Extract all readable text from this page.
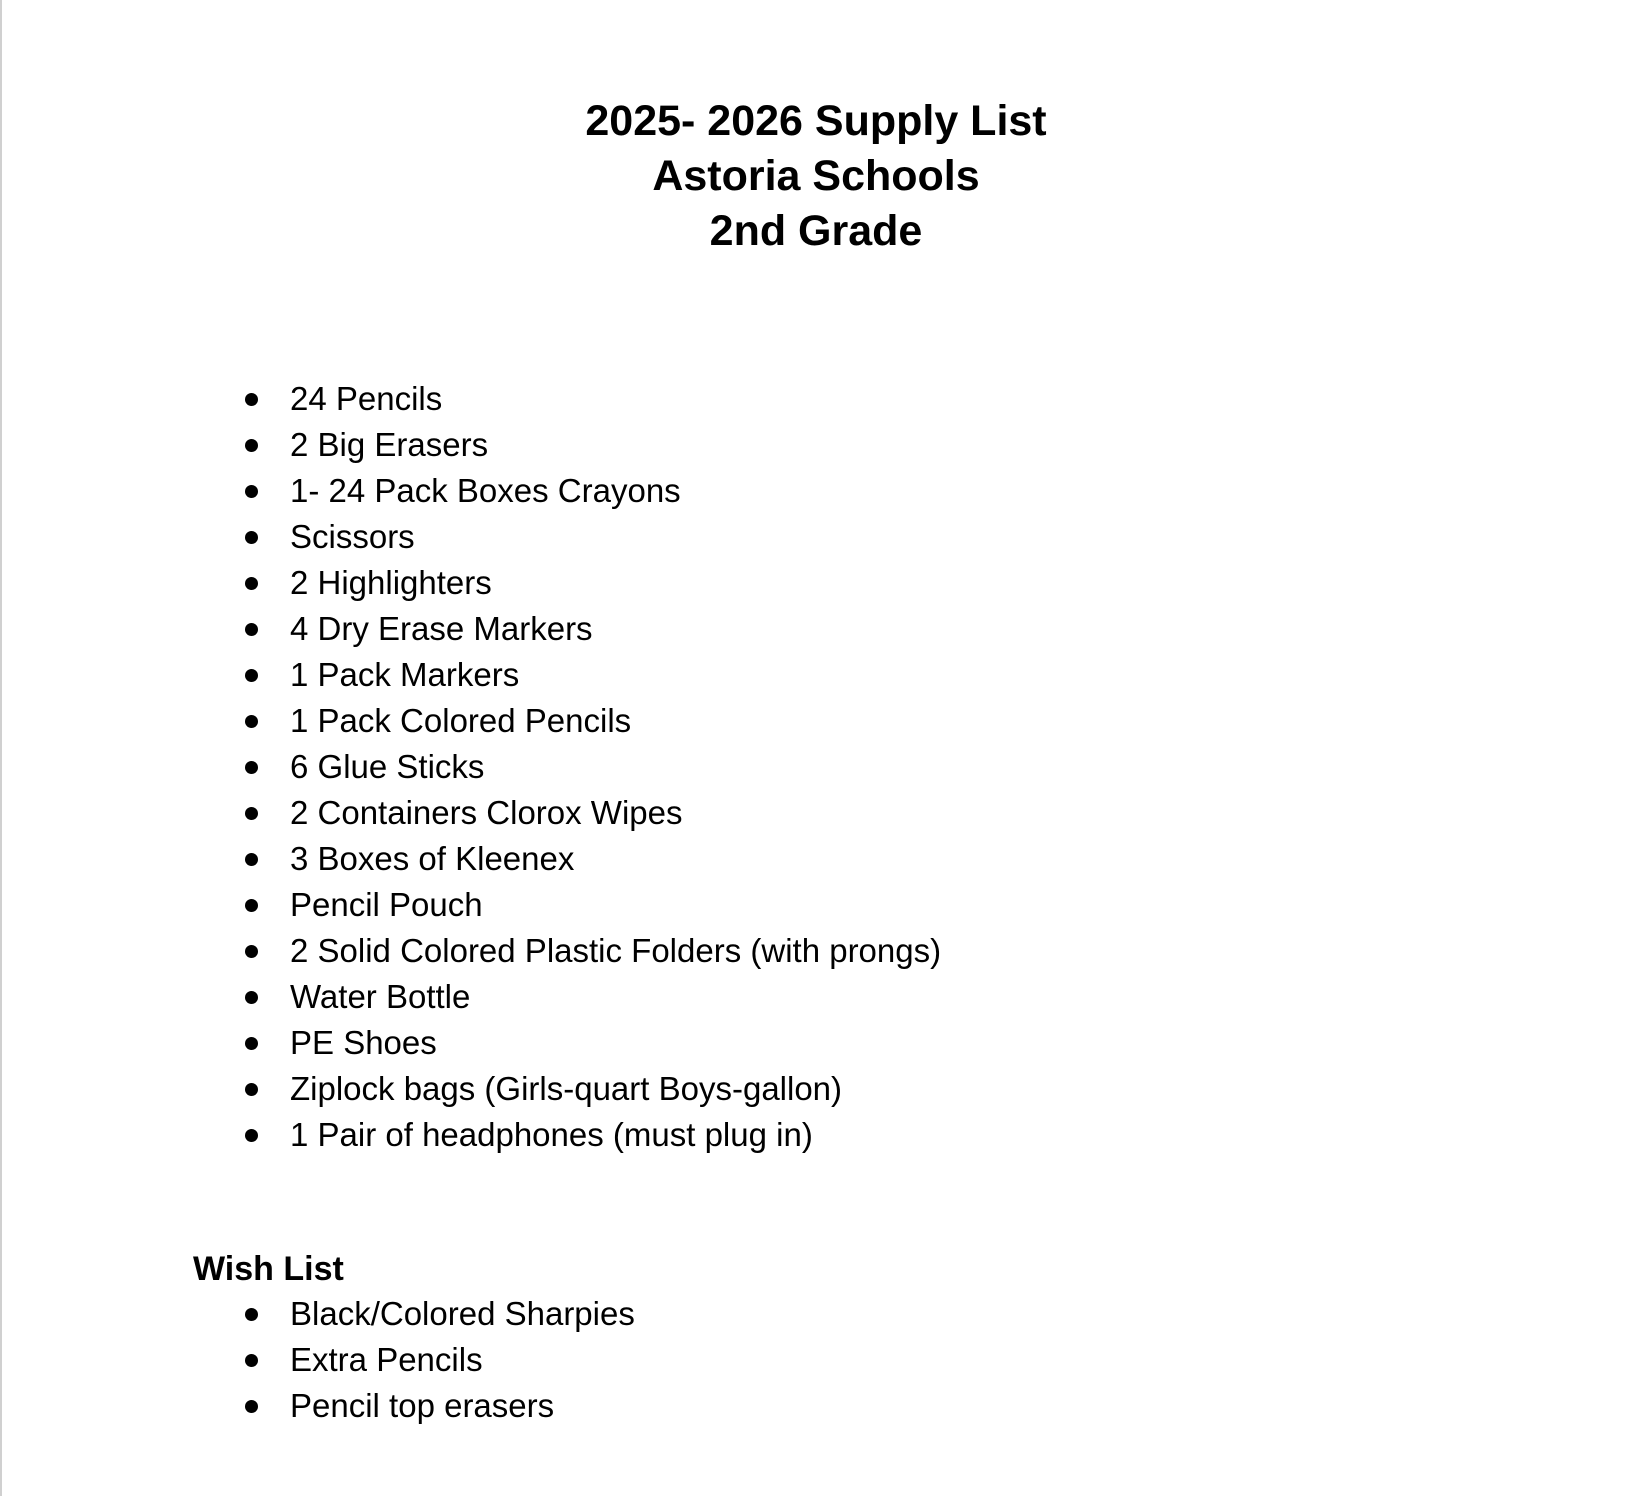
2025- 2026 Supply List
Astoria Schools
2nd Grade
24 Pencils
2 Big Erasers
1- 24 Pack Boxes Crayons
Scissors
2 Highlighters
4 Dry Erase Markers
1 Pack Markers
1 Pack Colored Pencils
6 Glue Sticks
2 Containers Clorox Wipes
3 Boxes of Kleenex
Pencil Pouch
2 Solid Colored Plastic Folders (with prongs)
Water Bottle
PE Shoes
Ziplock bags (Girls-quart Boys-gallon)
1 Pair of headphones (must plug in)
Wish List
Black/Colored Sharpies
Extra Pencils
Pencil top erasers
